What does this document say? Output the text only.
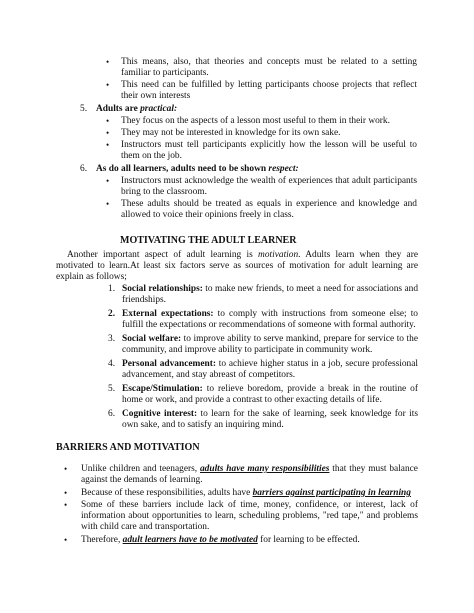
• This means, also, that theories and concepts must be related to a setting
familiar to participants.
• This need can be fulfilled by letting participants choose projects that reflect
their own interests
5. Adults are practical:
• They focus on the aspects of a lesson most useful to them in their work.
• They may not be interested in knowledge for its own sake.
• Instructors must tell participants explicitly how the lesson will be useful to
them on the job.
6. As do all learners, adults need to be shown respect:
• Instructors must acknowledge the wealth of experiences that adult participants
bring to the classroom.
• These adults should be treated as equals in experience and knowledge and
allowed to voice their opinions freely in class.
MOTIVATING THE ADULT LEARNER
Another important aspect of adult learning is motivation. Adults learn when they are
motivated to learn.At least six factors serve as sources of motivation for adult learning are
explain as follows;
1. Social relationships: to make new friends, to meet a need for associations and
friendships.
2. External expectations: to comply with instructions from someone else; to
fulfill the expectations or recommendations of someone with formal authority.
3. Social welfare: to improve ability to serve mankind, prepare for service to the
community, and improve ability to participate in community work.
4. Personal advancement: to achieve higher status in a job, secure professional
advancement, and stay abreast of competitors.
5. Escape/Stimulation: to relieve boredom, provide a break in the routine of
home or work, and provide a contrast to other exacting details of life.
6. Cognitive interest: to learn for the sake of learning, seek knowledge for its
own sake, and to satisfy an inquiring mind.
BARRIERS AND MOTIVATION
• Unlike children and teenagers, adults have many responsibilities that they must balance
against the demands of learning.
• Because of these responsibilities, adults have barriers against participating in learning
• Some of these barriers include lack of time, money, confidence, or interest, lack of
information about opportunities to learn, scheduling problems, "red tape," and problems
with child care and transportation.
• Therefore, adult learners have to be motivated for learning to be effected.
